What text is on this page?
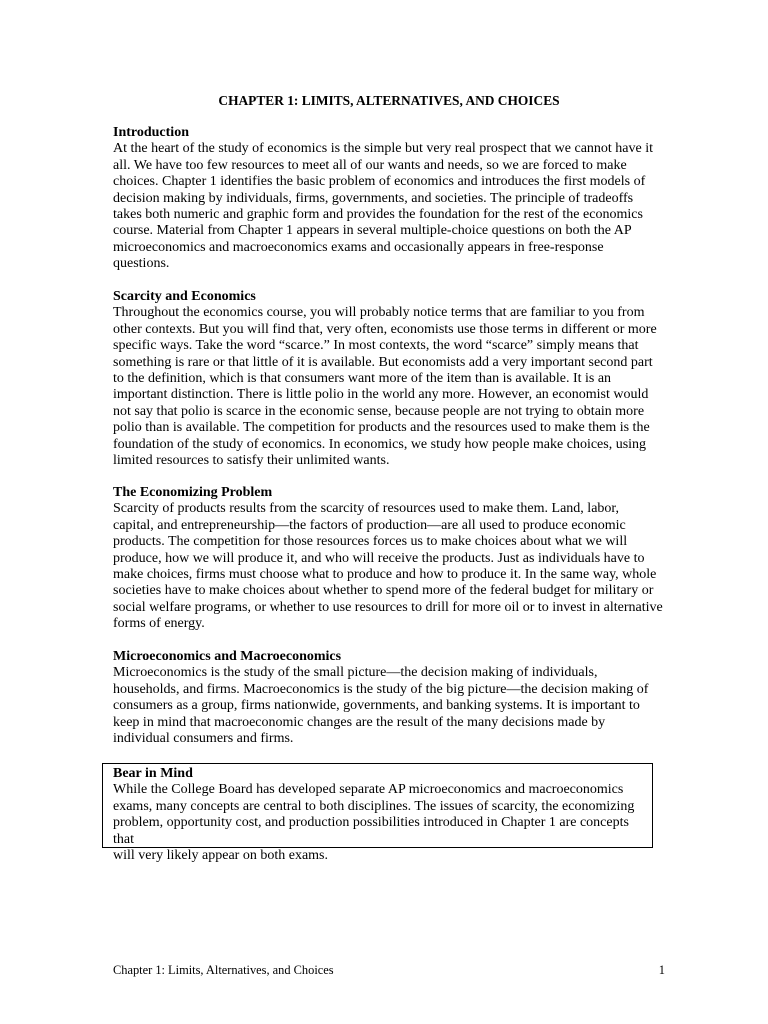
CHAPTER 1: LIMITS, ALTERNATIVES, AND CHOICES
Introduction

At the heart of the study of economics is the simple but very real prospect that we cannot have it
all. We have too few resources to meet all of our wants and needs, so we are forced to make
choices. Chapter 1 identifies the basic problem of economics and introduces the first models of
decision making by individuals, firms, governments, and societies. The principle of tradeoffs
takes both numeric and graphic form and provides the foundation for the rest of the economics
course. Material from Chapter 1 appears in several multiple-choice questions on both the AP
microeconomics and macroeconomics exams and occasionally appears in free-response
questions.

Scarcity and Economics

Throughout the economics course, you will probably notice terms that are familiar to you from
other contexts. But you will find that, very often, economists use those terms in different or more
specific ways. Take the word “scarce.” In most contexts, the word “scarce” simply means that
something is rare or that little of it is available. But economists add a very important second part
to the definition, which is that consumers want more of the item than is available. It is an
important distinction. There is little polio in the world any more. However, an economist would
not say that polio is scarce in the economic sense, because people are not trying to obtain more
polio than is available. The competition for products and the resources used to make them is the
foundation of the study of economics. In economics, we study how people make choices, using
limited resources to satisfy their unlimited wants.

The Economizing Problem

Scarcity of products results from the scarcity of resources used to make them. Land, labor,
capital, and entrepreneurship—the factors of production—are all used to produce economic
products. The competition for those resources forces us to make choices about what we will
produce, how we will produce it, and who will receive the products. Just as individuals have to
make choices, firms must choose what to produce and how to produce it. In the same way, whole
societies have to make choices about whether to spend more of the federal budget for military or
social welfare programs, or whether to use resources to drill for more oil or to invest in alternative
forms of energy.

Microeconomics and Macroeconomics

Microeconomics is the study of the small picture—the decision making of individuals,
households, and firms. Macroeconomics is the study of the big picture—the decision making of
consumers as a group, firms nationwide, governments, and banking systems. It is important to
keep in mind that macroeconomic changes are the result of the many decisions made by
individual consumers and firms.

Bear in Mind

While the College Board has developed separate AP microeconomics and macroeconomics
exams, many concepts are central to both disciplines. The issues of scarcity, the economizing
problem, opportunity cost, and production possibilities introduced in Chapter 1 are concepts that
will very likely appear on both exams.

Chapter 1: Limits, Alternatives, and Choices	1
